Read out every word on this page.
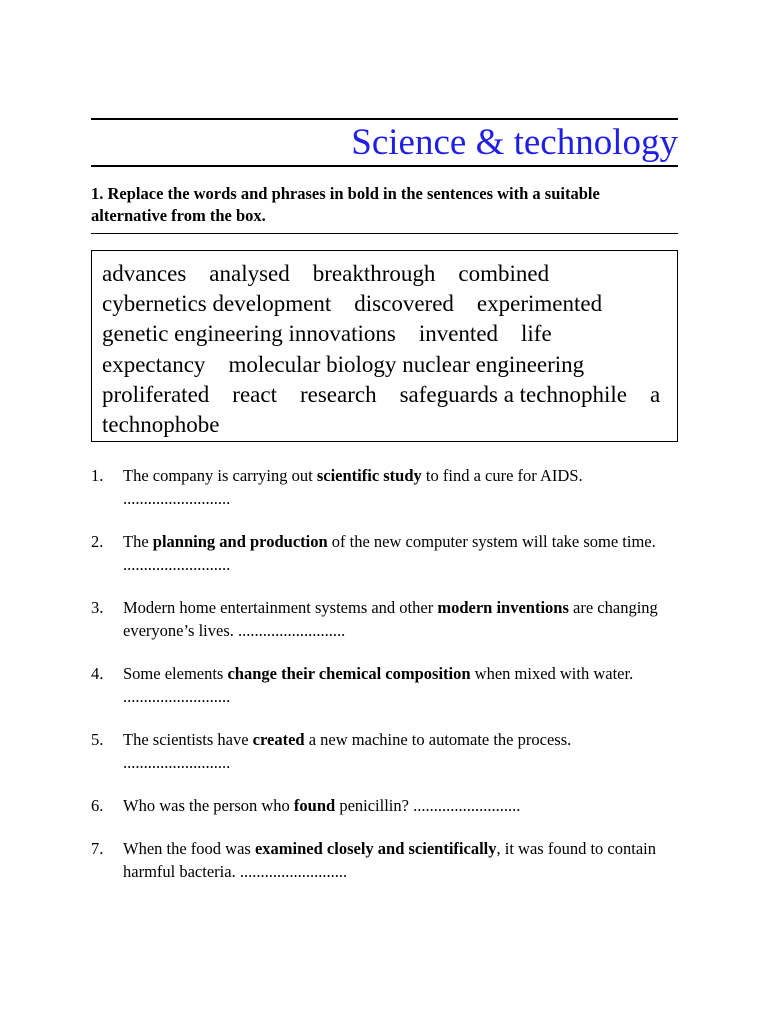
Science & technology
1. Replace the words and phrases in bold in the sentences with a suitable alternative from the box.
advances analysed breakthrough combined
cybernetics development discovered experimented
genetic engineering innovations invented life expectancy molecular biology nuclear engineering proliferated react research safeguards a technophile a technophobe
1. The company is carrying out scientific study to find a cure for AIDS. ..........................
2. The planning and production of the new computer system will take some time. ..........................
3. Modern home entertainment systems and other modern inventions are changing everyone’s lives. ..........................
4. Some elements change their chemical composition when mixed with water. ..........................
5. The scientists have created a new machine to automate the process. ..........................
6. Who was the person who found penicillin? ..........................
7. When the food was examined closely and scientifically, it was found to contain harmful bacteria. ..........................
